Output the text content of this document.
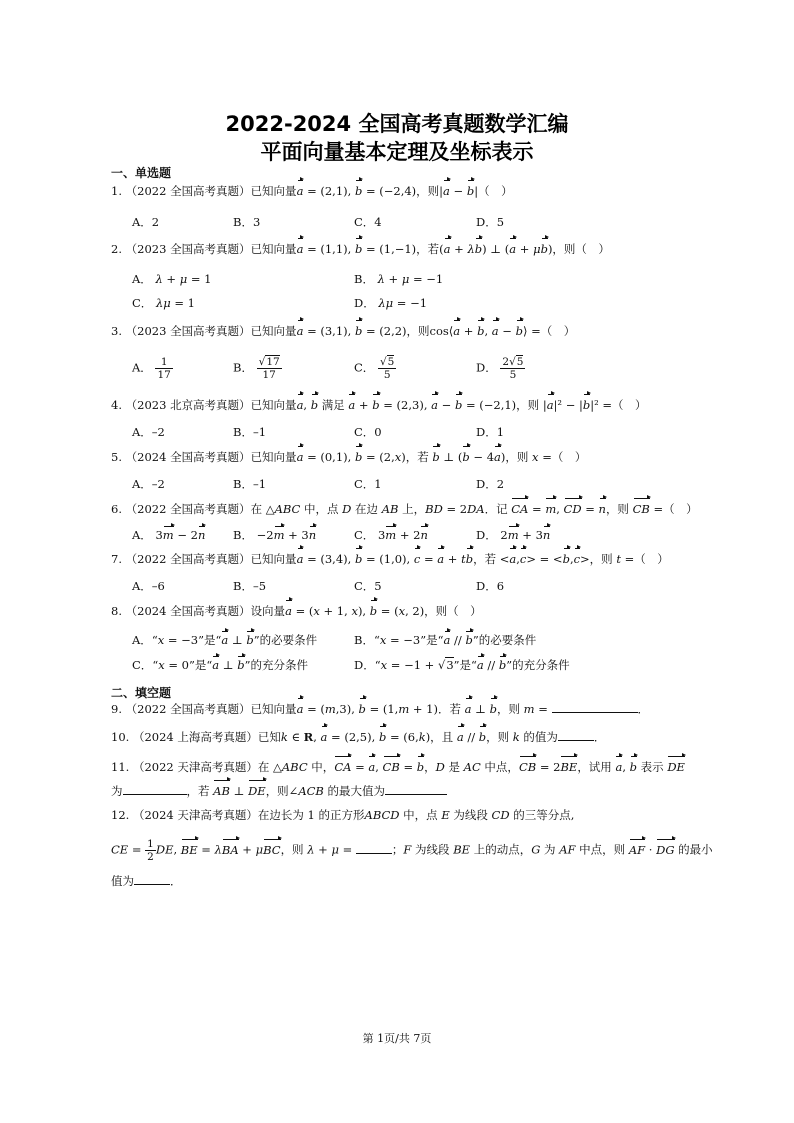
2022-2024 全国高考真题数学汇编
平面向量基本定理及坐标表示
一、单选题
1. （2022 全国高考真题）已知向量a = (2,1), b = (−2,4)，则|a − b|（　）
A．2	B．3	C．4	D．5
2. （2023 全国高考真题）已知向量a = (1,1), b = (1,−1)，若(a + λb) ⊥ (a + μb)，则（　）
A． λ + μ = 1	B． λ + μ = −1
C． λμ = 1	D． λμ = −1
3. （2023 全国高考真题）已知向量a = (3,1), b = (2,2)，则cos⟨a + b, a − b⟩ =（　）
A． $\frac{1}{17}$	B． $\frac{√17}{17}$	C． $\frac{√5}{5}$	D． $\frac{2√5}{5}$
4. （2023 北京高考真题）已知向量a, b 满足 a + b = (2,3), a − b = (−2,1)，则 |a|² − |b|² =（　）
A．–2	B．–1	C．0	D．1
5. （2024 全国高考真题）已知向量a = (0,1), b = (2,x)，若 b ⊥ (b − 4a)，则 x =（　）
A．–2	B．–1	C．1	D．2
6. （2022 全国高考真题）在 △ABC 中，点 D 在边 AB 上，BD = 2DA．记 CA = m, CD = n，则 CB =（　）
A． 3m − 2n B． −2m + 3n	C． 3m + 2n	D． 2m + 3n
7. （2022 全国高考真题）已知向量a = (3,4), b = (1,0), c = a + tb，若 <a,c> = <b,c>，则 t =（　）
A．–6	B．–5	C．5	D．6
8. （2024 全国高考真题）设向量a = (x + 1, x), b = (x, 2)，则（　）
A．“x = −3”是“a ⊥ b”的必要条件	B．“x = −3”是“a // b”的必要条件
C．“x = 0”是“a ⊥ b”的充分条件	D．“x = −1 + √3”是“a // b”的充分条件
二、填空题
9. （2022 全国高考真题）已知向量a = (m,3), b = (1,m + 1)．若 a ⊥ b，则 m =	．
10. （2024 上海高考真题）已知k ∈ R, a = (2,5), b = (6,k)，且 a // b，则 k 的值为	．
11. （2022 天津高考真题）在 △ABC 中，CA = a, CB = b，D 是 AC 中点，CB = 2BE，试用 a, b 表示 DE
为	，若 AB ⊥ DE，则∠ACB 的最大值为
12. （2024 天津高考真题）在边长为 1 的正方形ABCD 中，点 E 为线段 CD 的三等分点,
CE = $\frac{1}{2}$ DE, BE = λBA + μBC，则 λ + μ =	；F 为线段 BE 上的动点，G 为 AF 中点，则 AF · DG 的最小
值为	．
第 1页/共 7页
